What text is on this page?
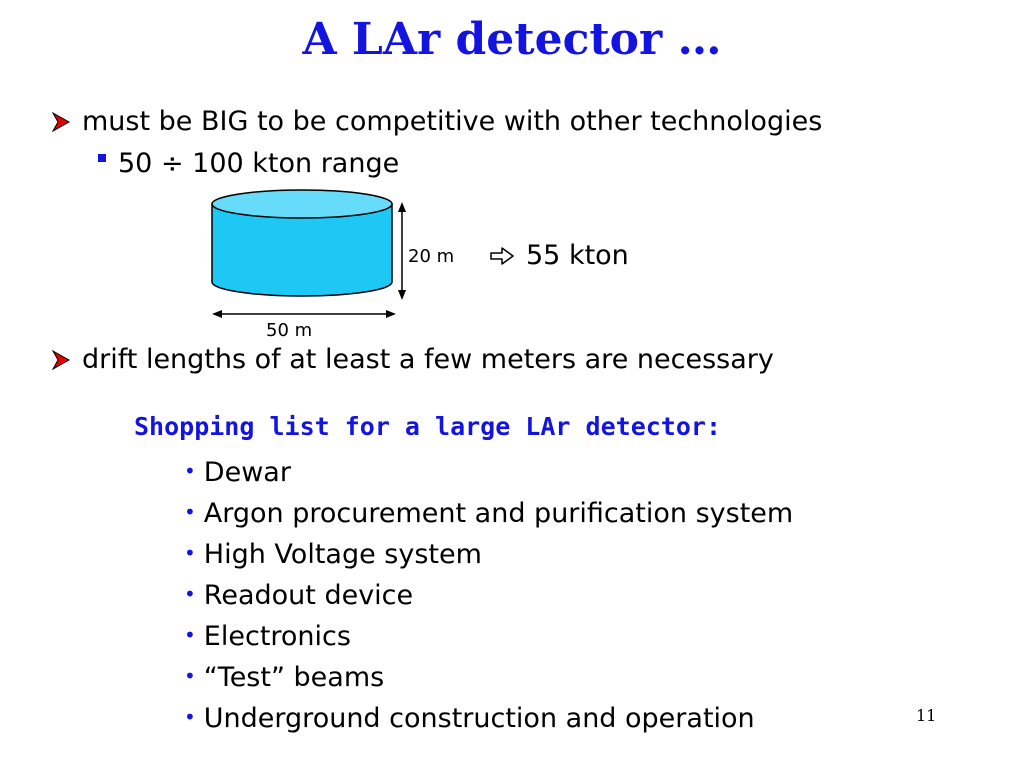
A LAr detector …
must be BIG to be competitive with other technologies
50 ÷ 100 kton range
20 m
50 m
55 kton
drift lengths of at least a few meters are necessary
Shopping list for a large LAr detector:
• Dewar
• Argon procurement and purification system
• High Voltage system
• Readout device
• Electronics
• “Test” beams
• Underground construction and operation	11
